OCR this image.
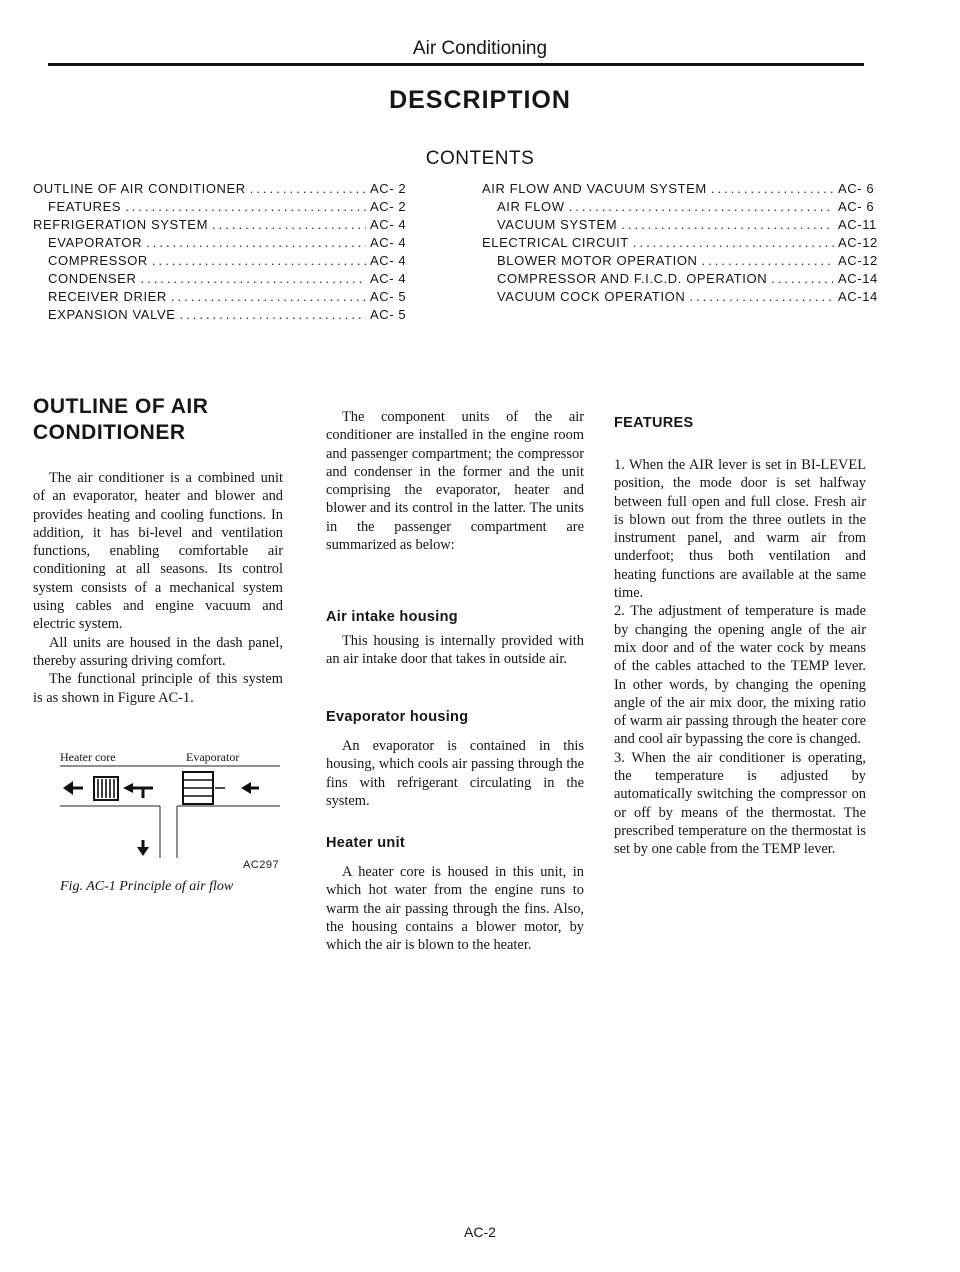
Air Conditioning
DESCRIPTION
CONTENTS
OUTLINE OF AIR CONDITIONER .....	AC- 2
FEATURES .....	AC- 2
REFRIGERATION SYSTEM .....	AC- 4
EVAPORATOR .....	AC- 4
COMPRESSOR .....	AC- 4
CONDENSER .....	AC- 4
RECEIVER DRIER .....	AC- 5
EXPANSION VALVE .....	AC- 5
AIR FLOW AND VACUUM SYSTEM .....	AC- 6
AIR FLOW .....	AC- 6
VACUUM SYSTEM .....	AC-11
ELECTRICAL CIRCUIT .....	AC-12
BLOWER MOTOR OPERATION .....	AC-12
COMPRESSOR AND F.I.C.D. OPERATION .....	AC-14
VACUUM COCK OPERATION .....	AC-14
OUTLINE OF AIR CONDITIONER

The air conditioner is a combined unit of an evaporator, heater and blower and provides heating and cooling functions. In addition, it has bi-level and ventilation functions, enabling comfortable air conditioning at all seasons. Its control system consists of a mechanical system using cables and engine vacuum and electric system.

All units are housed in the dash panel, thereby assuring driving comfort.

The functional principle of this system is as shown in Figure AC-1.

Heater core	Evaporator
AC297
Fig. AC-1 Principle of air flow

The component units of the air conditioner are installed in the engine room and passenger compartment; the compressor and condenser in the former and the unit comprising the evaporator, heater and blower and its control in the latter. The units in the passenger compartment are summarized as below:

Air intake housing

This housing is internally provided with an air intake door that takes in outside air.

Evaporator housing

An evaporator is contained in this housing, which cools air passing through the fins with refrigerant circulating in the system.

Heater unit

A heater core is housed in this unit, in which hot water from the engine runs to warm the air passing through the fins. Also, the housing contains a blower motor, by which the air is blown to the heater.

FEATURES

1. When the AIR lever is set in BI-LEVEL position, the mode door is set halfway between full open and full close. Fresh air is blown out from the three outlets in the instrument panel, and warm air from underfoot; thus both ventilation and heating functions are available at the same time.

2. The adjustment of temperature is made by changing the opening angle of the air mix door and of the water cock by means of the cables attached to the TEMP lever. In other words, by changing the opening angle of the air mix door, the mixing ratio of warm air passing through the heater core and cool air bypassing the core is changed.

3. When the air conditioner is operating, the temperature is adjusted by automatically switching the compressor on or off by means of the thermostat. The prescribed temperature on the thermostat is set by one cable from the TEMP lever.

AC-2
